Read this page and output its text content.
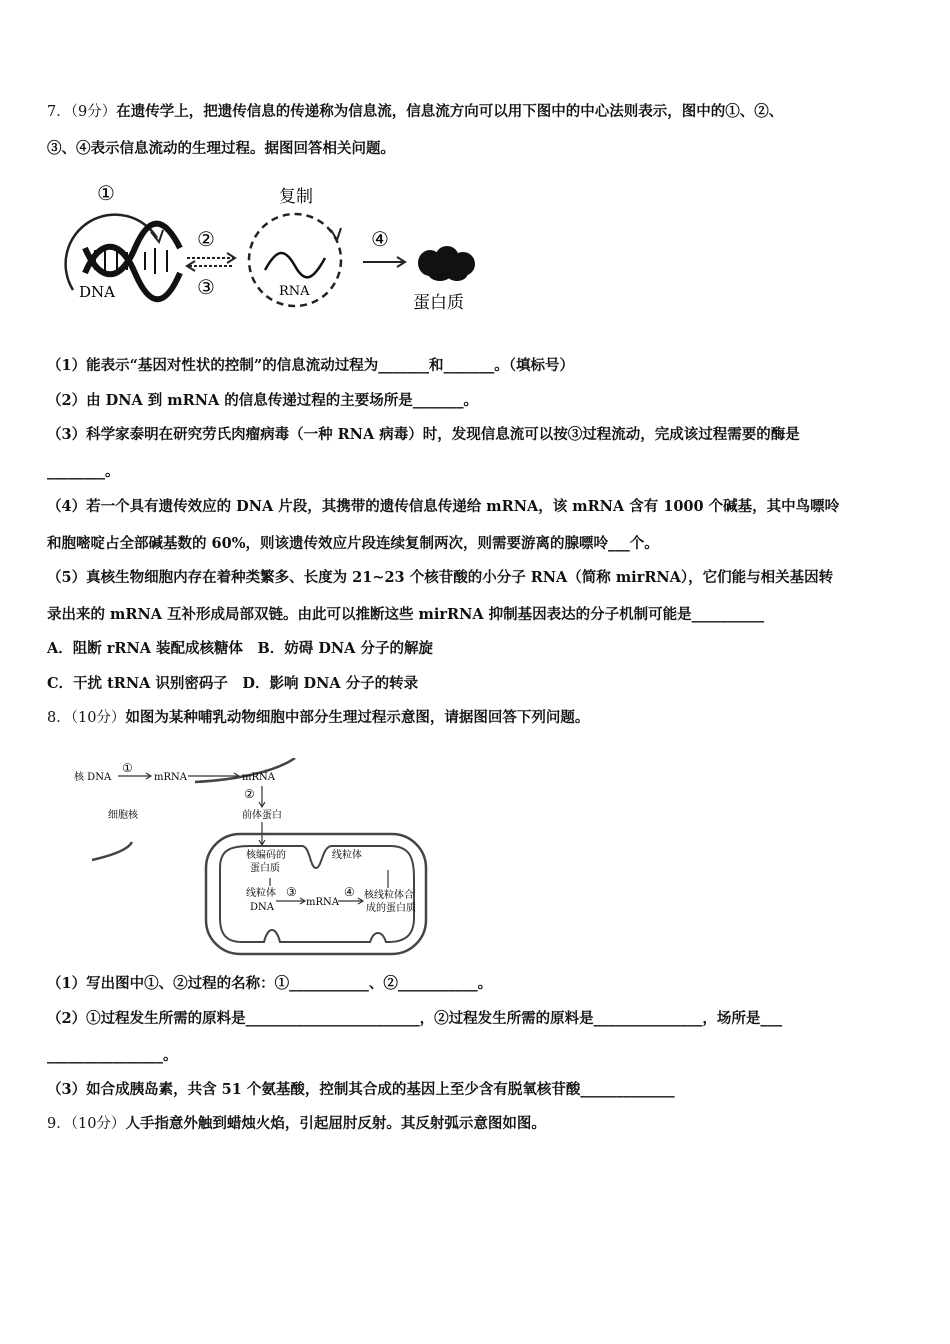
7．（9分）在遗传学上，把遗传信息的传递称为信息流，信息流方向可以用下图中的中心法则表示，图中的①、②、
③、④表示信息流动的生理过程。据图回答相关问题。
①
DNA
②
③
复制
RNA
④
蛋白质
（1）能表示“基因对性状的控制”的信息流动过程为_______和_______。（填标号）
（2）由 DNA 到 mRNA 的信息传递过程的主要场所是_______。
（3）科学家泰明在研究劳氏肉瘤病毒（一种 RNA 病毒）时，发现信息流可以按③过程流动，完成该过程需要的酶是
________。
（4）若一个具有遗传效应的 DNA 片段，其携带的遗传信息传递给 mRNA，该 mRNA 含有 1000 个碱基，其中鸟嘌呤
和胞嘧啶占全部碱基数的 60%，则该遗传效应片段连续复制两次，则需要游离的腺嘌呤___个。
（5）真核生物细胞内存在着种类繁多、长度为 21~23 个核苷酸的小分子 RNA（简称 mirRNA），它们能与相关基因转
录出来的 mRNA 互补形成局部双链。由此可以推断这些 mirRNA 抑制基因表达的分子机制可能是__________
A．阻断 rRNA 装配成核糖体　B．妨碍 DNA 分子的解旋
C．干扰 tRNA 识别密码子　D．影响 DNA 分子的转录
8．（10分）如图为某种哺乳动物细胞中部分生理过程示意图，请据图回答下列问题。
核 DNA
①
mRNA	mRNA
②
细胞核	前体蛋白
核编码的
蛋白质
线粒体
线粒体
DNA
③
mRNA
④ 核线粒体合
成的蛋白质
（1）写出图中①、②过程的名称：①___________、②___________。
（2）①过程发生所需的原料是________________________，②过程发生所需的原料是_______________，场所是___
________________。
（3）如合成胰岛素，共含 51 个氨基酸，控制其合成的基因上至少含有脱氧核苷酸_____________
9．（10分）人手指意外触到蜡烛火焰，引起屈肘反射。其反射弧示意图如图。
